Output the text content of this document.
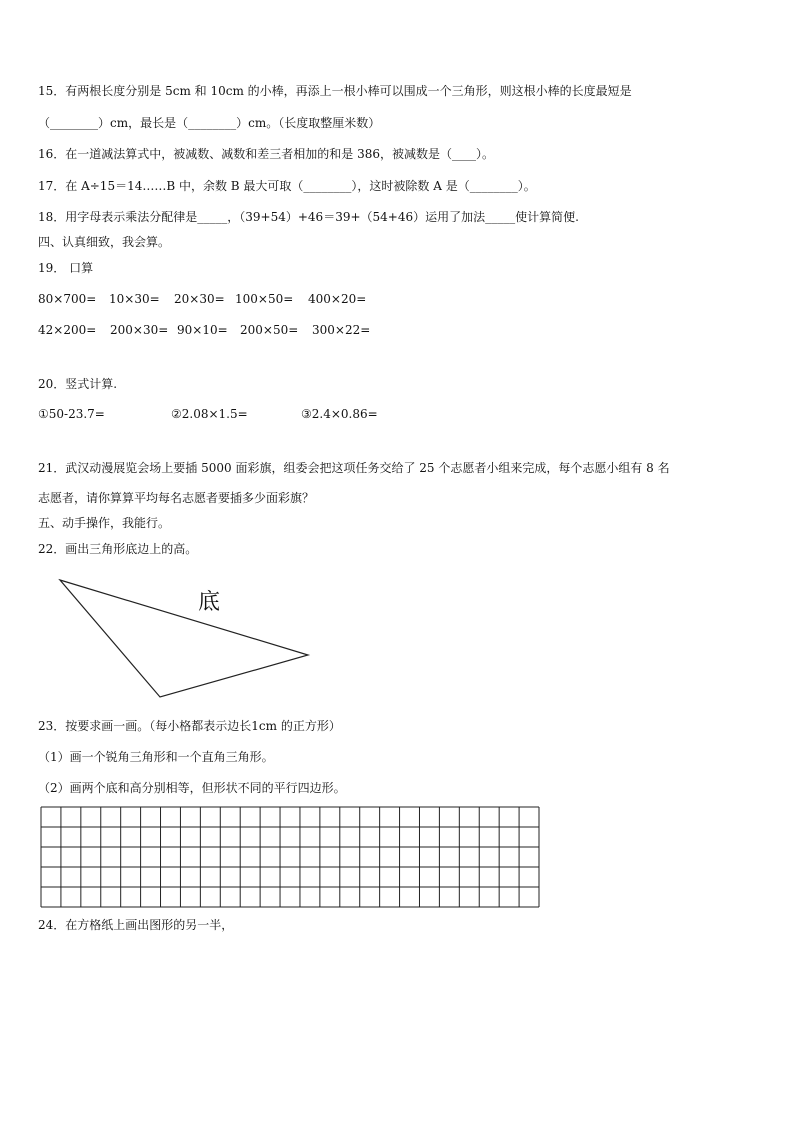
15．有两根长度分别是 5cm 和 10cm 的小棒，再添上一根小棒可以围成一个三角形，则这根小棒的长度最短是
（________）cm，最长是（________）cm。（长度取整厘米数）
16．在一道减法算式中，被减数、减数和差三者相加的和是 386，被减数是（____）。
17．在 A÷15＝14……B 中，余数 B 最大可取（________），这时被除数 A 是（________）。
18．用字母表示乘法分配律是_____，（39+54）+46＝39+（54+46）运用了加法_____使计算简便.
四、认真细致，我会算。
19． 口算
80×700= 10×30= 20×30= 100×50= 400×20=
42×200= 200×30= 90×10= 200×50= 300×22=
20．竖式计算.
①50-23.7=	②2.08×1.5=	③2.4×0.86=
21．武汉动漫展览会场上要插 5000 面彩旗，组委会把这项任务交给了 25 个志愿者小组来完成，每个志愿小组有 8 名
志愿者，请你算算平均每名志愿者要插多少面彩旗？
五、动手操作，我能行。
22．画出三角形底边上的高。
底
23．按要求画一画。（每小格都表示边长1cm 的正方形）
（1）画一个锐角三角形和一个直角三角形。
（2）画两个底和高分别相等，但形状不同的平行四边形。
24．在方格纸上画出图形的另一半，
